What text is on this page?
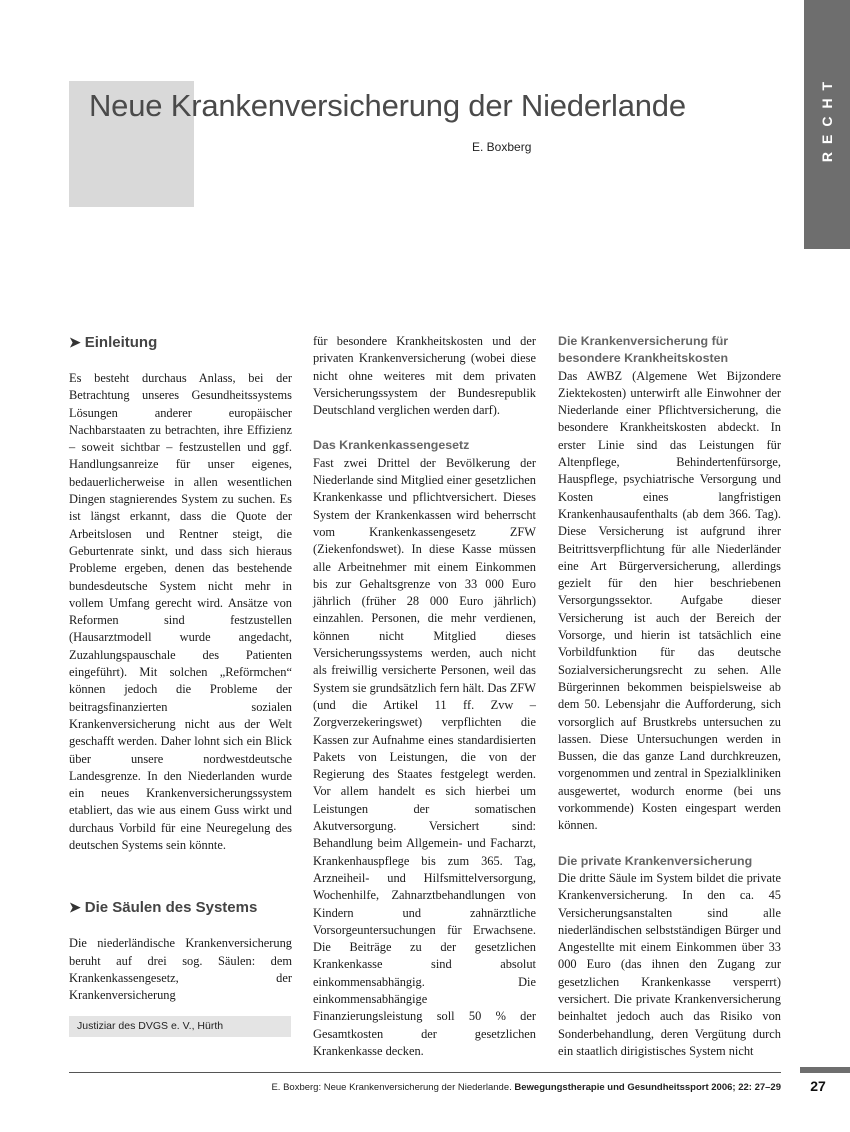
Neue Krankenversicherung der Niederlande
E. Boxberg	RECHT
➤ Einleitung

Es besteht durchaus Anlass, bei der Betrachtung unseres Gesundheitssystems Lösungen anderer europäischer Nachbarstaaten zu betrachten, ihre Effizienz – soweit sichtbar – festzustellen und ggf. Handlungsanreize für unser eigenes, bedauerlicherweise in allen wesentlichen Dingen stagnierendes System zu suchen. Es ist längst erkannt, dass die Quote der Arbeitslosen und Rentner steigt, die Geburtenrate sinkt, und dass sich hieraus Probleme ergeben, denen das bestehende bundesdeutsche System nicht mehr in vollem Umfang gerecht wird. Ansätze von Reformen sind festzustellen (Hausarztmodell wurde angedacht, Zuzahlungspauschale des Patienten eingeführt). Mit solchen „Reförmchen“ können jedoch die Probleme der beitragsfinanzierten sozialen Krankenversicherung nicht aus der Welt geschafft werden. Daher lohnt sich ein Blick über unsere nordwestdeutsche Landesgrenze. In den Niederlanden wurde ein neues Krankenversicherungssystem etabliert, das wie aus einem Guss wirkt und durchaus Vorbild für eine Neuregelung des deutschen Systems sein könnte.

➤ Die Säulen des Systems

Die niederländische Krankenversicherung beruht auf drei sog. Säulen: dem Krankenkassengesetz, der Krankenversicherung

Justiziar des DVGS e. V., Hürth

für besondere Krankheitskosten und der privaten Krankenversicherung (wobei diese nicht ohne weiteres mit dem privaten Versicherungssystem der Bundesrepublik Deutschland verglichen werden darf).

Das Krankenkassengesetz

Fast zwei Drittel der Bevölkerung der Niederlande sind Mitglied einer gesetzlichen Krankenkasse und pflichtversichert. Dieses System der Krankenkassen wird beherrscht vom Krankenkassengesetz ZFW (Ziekenfondswet). In diese Kasse müssen alle Arbeitnehmer mit einem Einkommen bis zur Gehaltsgrenze von 33 000 Euro jährlich (früher 28 000 Euro jährlich) einzahlen. Personen, die mehr verdienen, können nicht Mitglied dieses Versicherungssystems werden, auch nicht als freiwillig versicherte Personen, weil das System sie grundsätzlich fern hält. Das ZFW (und die Artikel 11 ff. Zvw – Zorgverzekeringswet) verpflichten die Kassen zur Aufnahme eines standardisierten Pakets von Leistungen, die von der Regierung des Staates festgelegt werden. Vor allem handelt es sich hierbei um Leistungen der somatischen Akutversorgung. Versichert sind: Behandlung beim Allgemein- und Facharzt, Krankenhauspflege bis zum 365. Tag, Arzneiheil- und Hilfsmittelversorgung, Wochenhilfe, Zahnarztbehandlungen von Kindern und zahnärztliche Vorsorgeuntersuchungen für Erwachsene. Die Beiträge zu der gesetzlichen Krankenkasse sind absolut einkommensabhängig. Die einkommensabhängige Finanzierungsleistung soll 50 % der Gesamtkosten der gesetzlichen Krankenkasse decken.

Die Krankenversicherung für besondere Krankheitskosten

Das AWBZ (Algemene Wet Bijzondere Ziektekosten) unterwirft alle Einwohner der Niederlande einer Pflichtversicherung, die besondere Krankheitskosten abdeckt. In erster Linie sind das Leistungen für Altenpflege, Behindertenfürsorge, Hauspflege, psychiatrische Versorgung und Kosten eines langfristigen Krankenhausaufenthalts (ab dem 366. Tag). Diese Versicherung ist aufgrund ihrer Beitrittsverpflichtung für alle Niederländer eine Art Bürgerversicherung, allerdings gezielt für den hier beschriebenen Versorgungssektor. Aufgabe dieser Versicherung ist auch der Bereich der Vorsorge, und hierin ist tatsächlich eine Vorbildfunktion für das deutsche Sozialversicherungsrecht zu sehen. Alle Bürgerinnen bekommen beispielsweise ab dem 50. Lebensjahr die Aufforderung, sich vorsorglich auf Brustkrebs untersuchen zu lassen. Diese Untersuchungen werden in Bussen, die das ganze Land durchkreuzen, vorgenommen und zentral in Spezialkliniken ausgewertet, wodurch enorme (bei uns vorkommende) Kosten eingespart werden können.

Die private Krankenversicherung

Die dritte Säule im System bildet die private Krankenversicherung. In den ca. 45 Versicherungsanstalten sind alle niederländischen selbstständigen Bürger und Angestellte mit einem Einkommen über 33 000 Euro (das ihnen den Zugang zur gesetzlichen Krankenkasse versperrt) versichert. Die private Krankenversicherung beinhaltet jedoch auch das Risiko von Sonderbehandlung, deren Vergütung durch ein staatlich dirigistisches System nicht

E. Boxberg: Neue Krankenversicherung der Niederlande. Bewegungstherapie und Gesundheitssport 2006; 22: 27–29	27
